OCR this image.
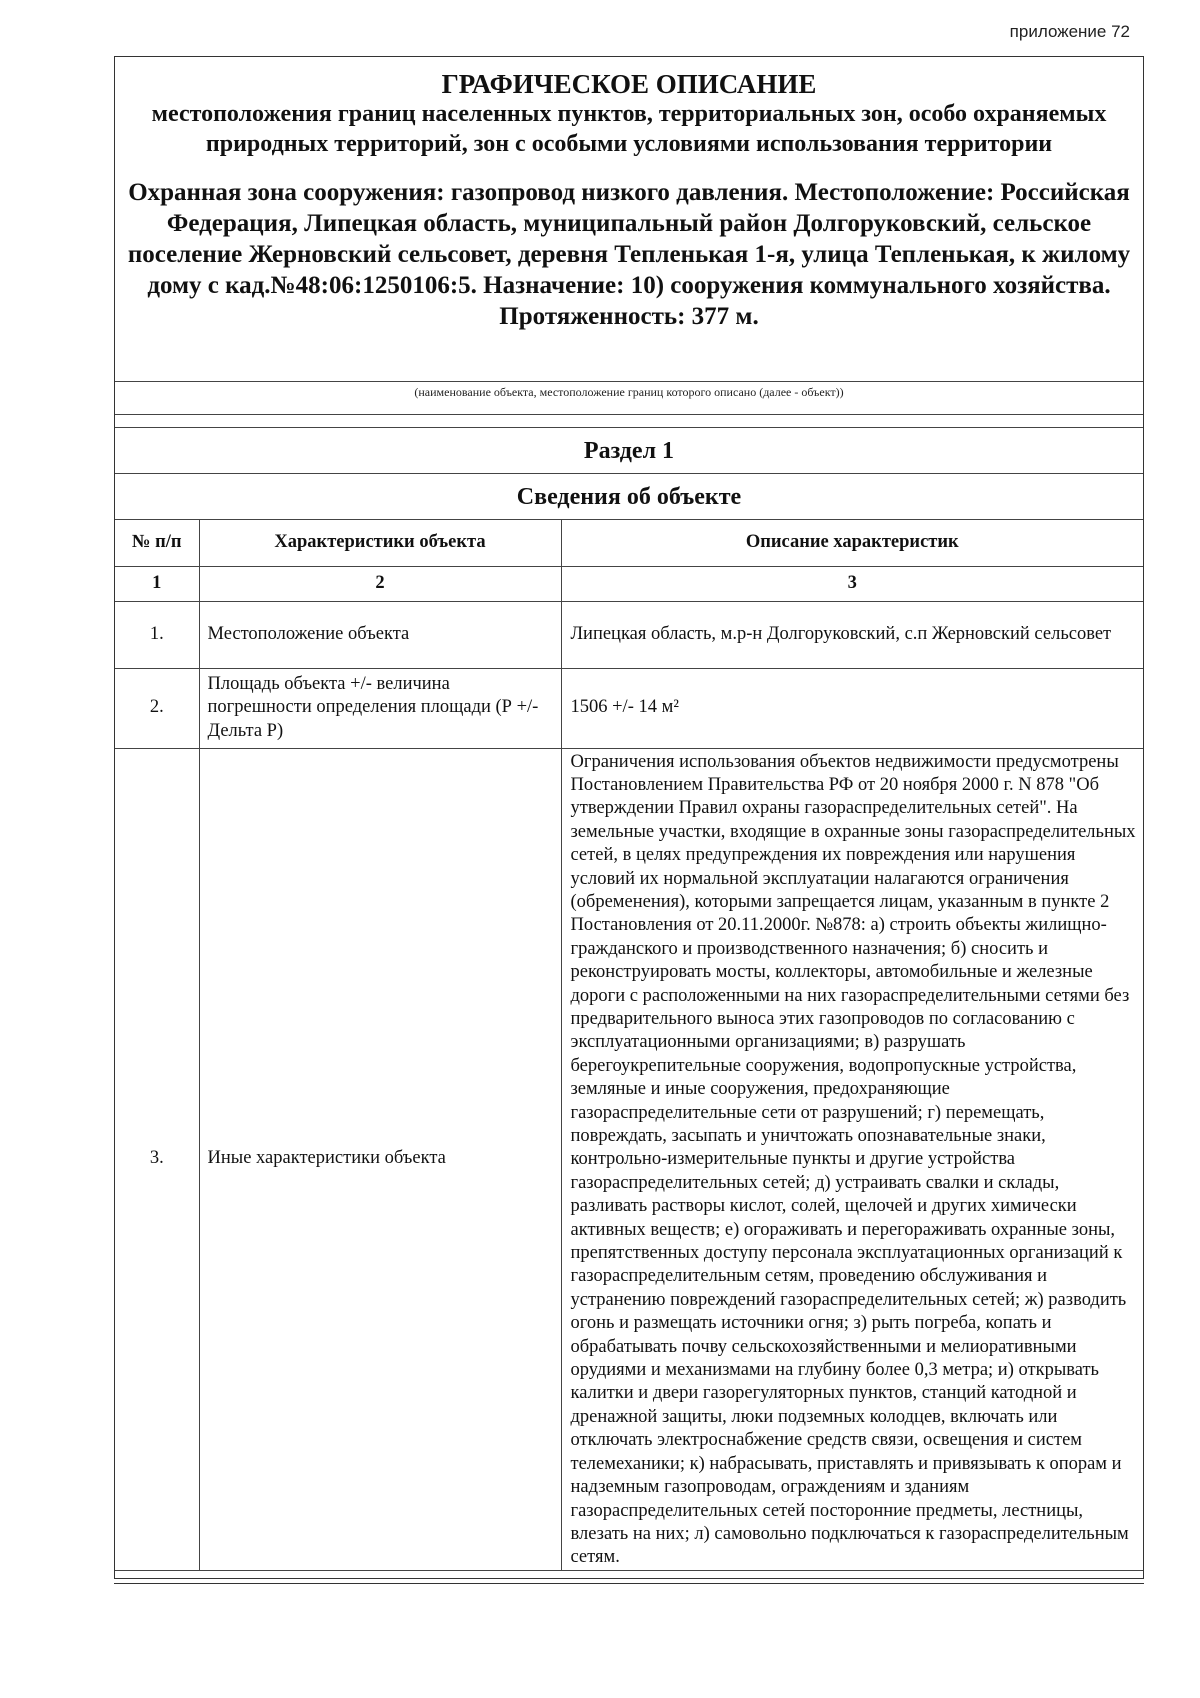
приложение 72
ГРАФИЧЕСКОЕ ОПИСАНИЕ
местоположения границ населенных пунктов, территориальных зон, особо охраняемых природных территорий, зон с особыми условиями использования территории
Охранная зона сооружения: газопровод низкого давления. Местоположение: Российская Федерация, Липецкая область, муниципальный район Долгоруковский, сельское поселение Жерновский сельсовет, деревня Тепленькая 1-я, улица Тепленькая, к жилому дому с кад.№48:06:1250106:5. Назначение: 10) сооружения коммунального хозяйства. Протяженность: 377 м.
(наименование объекта, местоположение границ которого описано (далее - объект))
Раздел 1
Сведения об объекте
№ п/п	Характеристики объекта	Описание характеристик
1	2	3
1.	Местоположение объекта	Липецкая область, м.р-н Долгоруковский, с.п Жерновский сельсовет
2.	Площадь объекта +/- величина погрешности определения площади (Р +/- Дельта Р)	1506 +/- 14 м²
3.	Иные характеристики объекта	Ограничения использования объектов недвижимости предусмотрены Постановлением Правительства РФ от 20 ноября 2000 г. N 878 "Об утверждении Правил охраны газораспределительных сетей". На земельные участки, входящие в охранные зоны газораспределительных сетей, в целях предупреждения их повреждения или нарушения условий их нормальной эксплуатации налагаются ограничения (обременения), которыми запрещается лицам, указанным в пункте 2 Постановления от 20.11.2000г. №878: а) строить объекты жилищно-гражданского и производственного назначения; б) сносить и реконструировать мосты, коллекторы, автомобильные и железные дороги с расположенными на них газораспределительными сетями без предварительного выноса этих газопроводов по согласованию с эксплуатационными организациями; в) разрушать берегоукрепительные сооружения, водопропускные устройства, земляные и иные сооружения, предохраняющие газораспределительные сети от разрушений; г) перемещать, повреждать, засыпать и уничтожать опознавательные знаки, контрольно-измерительные пункты и другие устройства газораспределительных сетей; д) устраивать свалки и склады, разливать растворы кислот, солей, щелочей и других химически активных веществ; е) огораживать и перегораживать охранные зоны, препятственных доступу персонала эксплуатационных организаций к газораспределительным сетям, проведению обслуживания и устранению повреждений газораспределительных сетей; ж) разводить огонь и размещать источники огня; з) рыть погреба, копать и обрабатывать почву сельскохозяйственными и мелиоративными орудиями и механизмами на глубину более 0,3 метра; и) открывать калитки и двери газорегуляторных пунктов, станций катодной и дренажной защиты, люки подземных колодцев, включать или отключать электроснабжение средств связи, освещения и систем телемеханики; к) набрасывать, приставлять и привязывать к опорам и надземным газопроводам, ограждениям и зданиям газораспределительных сетей посторонние предметы, лестницы, влезать на них; л) самовольно подключаться к газораспределительным сетям.
